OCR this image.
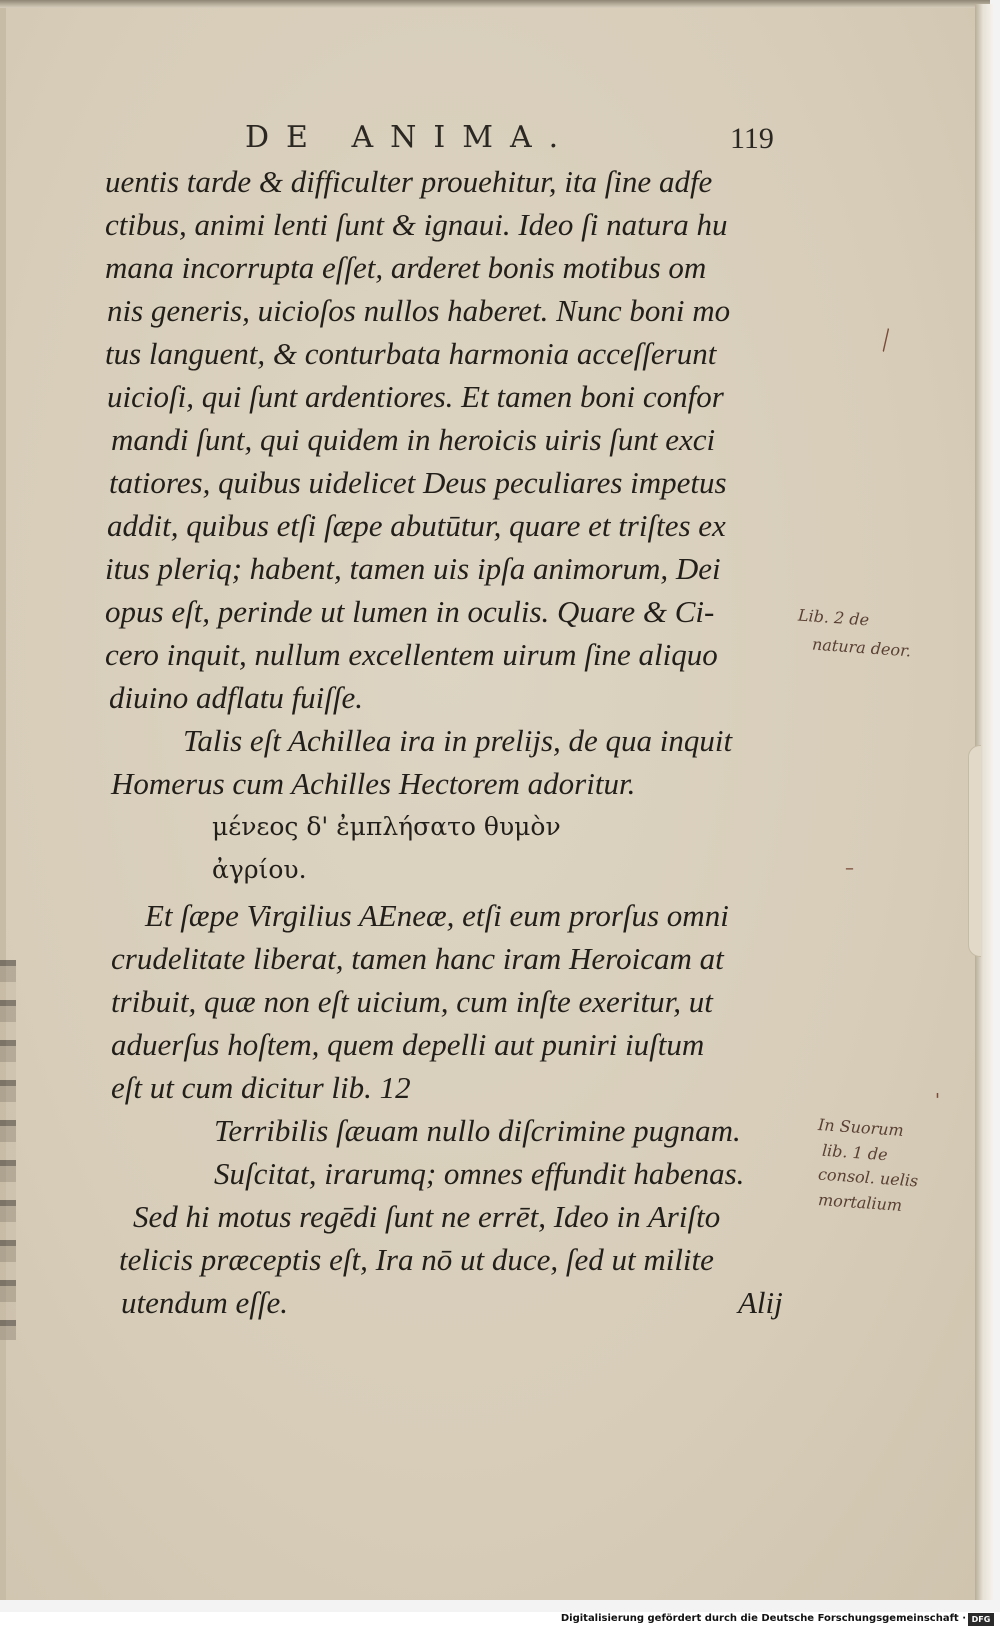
DE ANIMA.	119
uentis tarde & difficulter prouehitur, ita ſine adfe
ctibus, animi lenti ſunt & ignaui. Ideo ſi natura hu
mana incorrupta eſſet, arderet bonis motibus om
nis generis, uicioſos nullos haberet. Nunc boni mo
tus languent, & conturbata harmonia acceſſerunt
uicioſi, qui ſunt ardentiores. Et tamen boni confor
mandi ſunt, qui quidem in heroicis uiris ſunt exci
tatiores, quibus uidelicet Deus peculiares impetus
addit, quibus etſi ſæpe abutūtur, quare et triſtes ex
itus pleriq; habent, tamen uis ipſa animorum, Dei
opus eſt, perinde ut lumen in oculis. Quare & Ci-
cero inquit, nullum excellentem uirum ſine aliquo
diuino adflatu fuiſſe.
Talis eſt Achillea ira in prelijs, de qua inquit
Homerus cum Achilles Hectorem adoritur.
μένεος δ' ἐμπλήσατο θυμὸν
ἀγρίου.
Et ſæpe Virgilius AEneæ, etſi eum prorſus omni
crudelitate liberat, tamen hanc iram Heroicam at
tribuit, quæ non eſt uicium, cum inſte exeritur, ut
aduerſus hoſtem, quem depelli aut puniri iuſtum
eſt ut cum dicitur lib. 12
Terribilis ſæuam nullo diſcrimine pugnam.
Suſcitat, irarumq; omnes effundit habenas.
Sed hi motus regēdi ſunt ne errēt, Ideo in Ariſto
telicis præceptis eſt, Ira nō ut duce, ſed ut milite
utendum eſſe.	Alij
Lib. 2 de
natura deor.
In Suorum
lib. 1 de
consol. uelis
mortalium
╲
–
'
Digitalisierung gefördert durch die Deutsche Forschungsgemeinschaft · DFG
